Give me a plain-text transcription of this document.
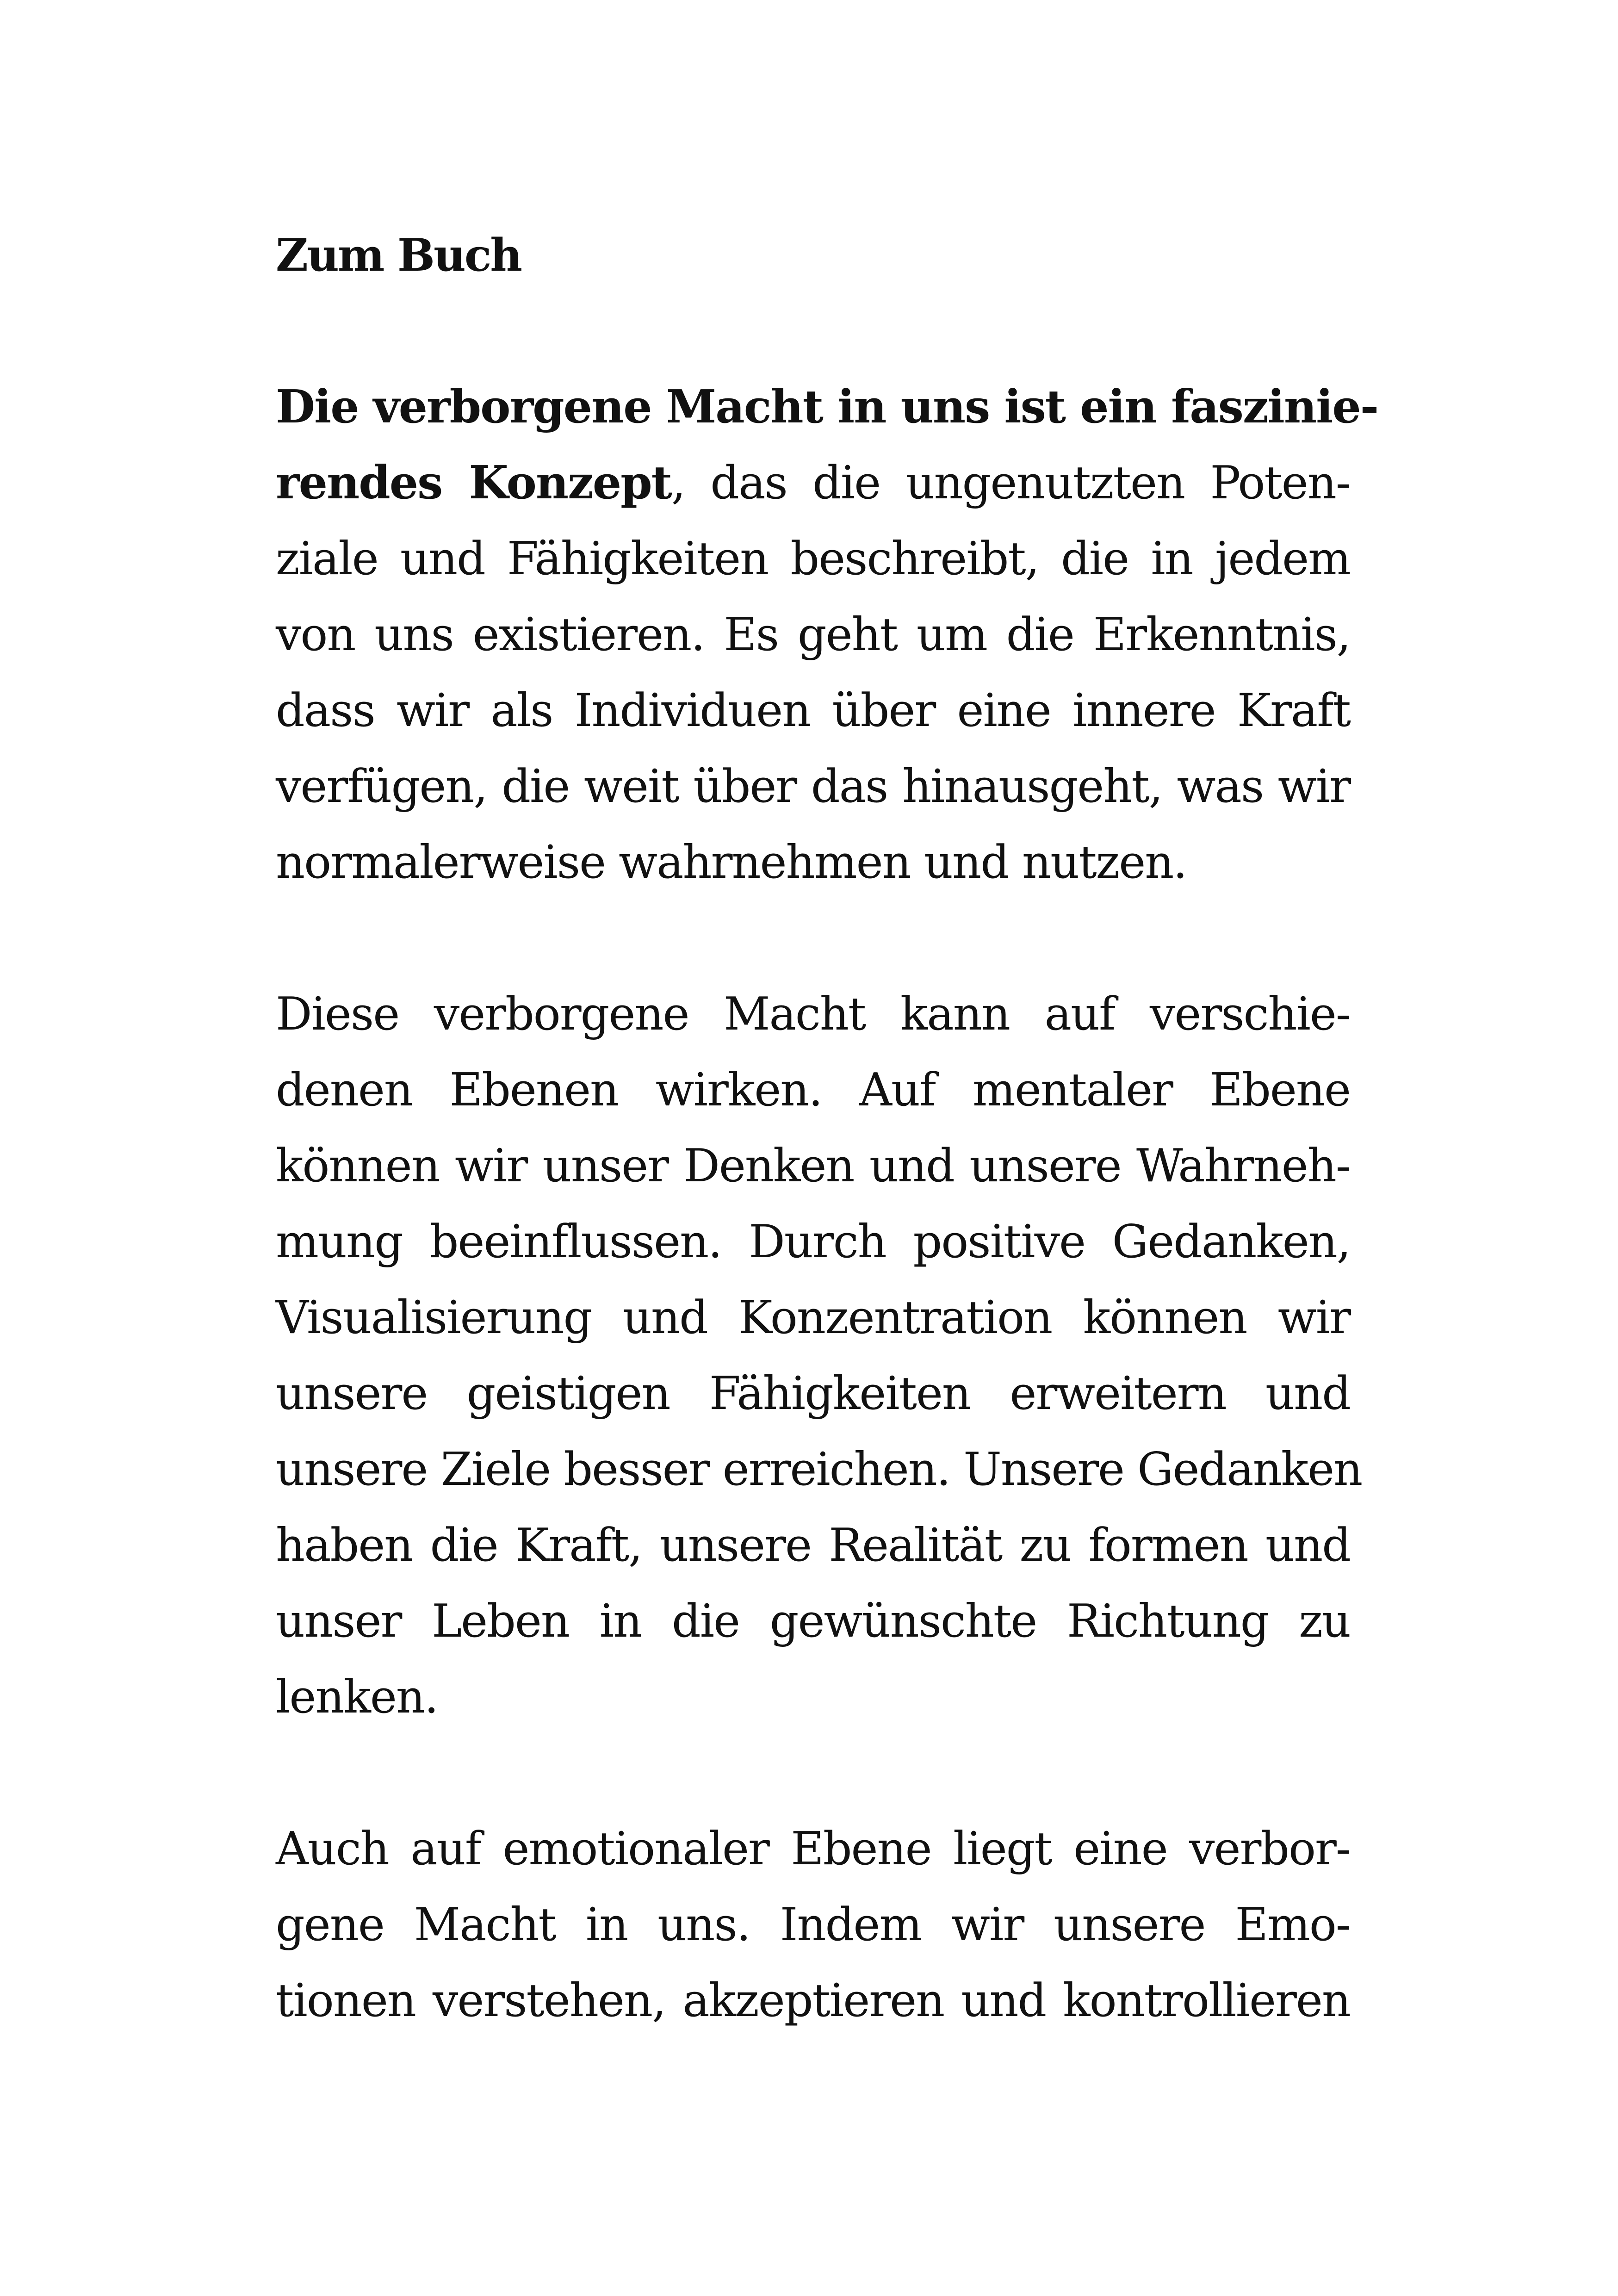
Zum Buch
Die verborgene Macht in uns ist ein faszinie-
rendes Konzept, das die ungenutzten Poten-
ziale und Fähigkeiten beschreibt, die in jedem
von uns existieren. Es geht um die Erkenntnis,
dass wir als Individuen über eine innere Kraft
verfügen, die weit über das hinausgeht, was wir
normalerweise wahrnehmen und nutzen.
Diese verborgene Macht kann auf verschie-
denen Ebenen wirken. Auf mentaler Ebene
können wir unser Denken und unsere Wahrneh-
mung beeinflussen. Durch positive Gedanken,
Visualisierung und Konzentration können wir
unsere geistigen Fähigkeiten erweitern und
unsere Ziele besser erreichen. Unsere Gedanken
haben die Kraft, unsere Realität zu formen und
unser Leben in die gewünschte Richtung zu
lenken.
Auch auf emotionaler Ebene liegt eine verbor-
gene Macht in uns. Indem wir unsere Emo-
tionen verstehen, akzeptieren und kontrollieren
